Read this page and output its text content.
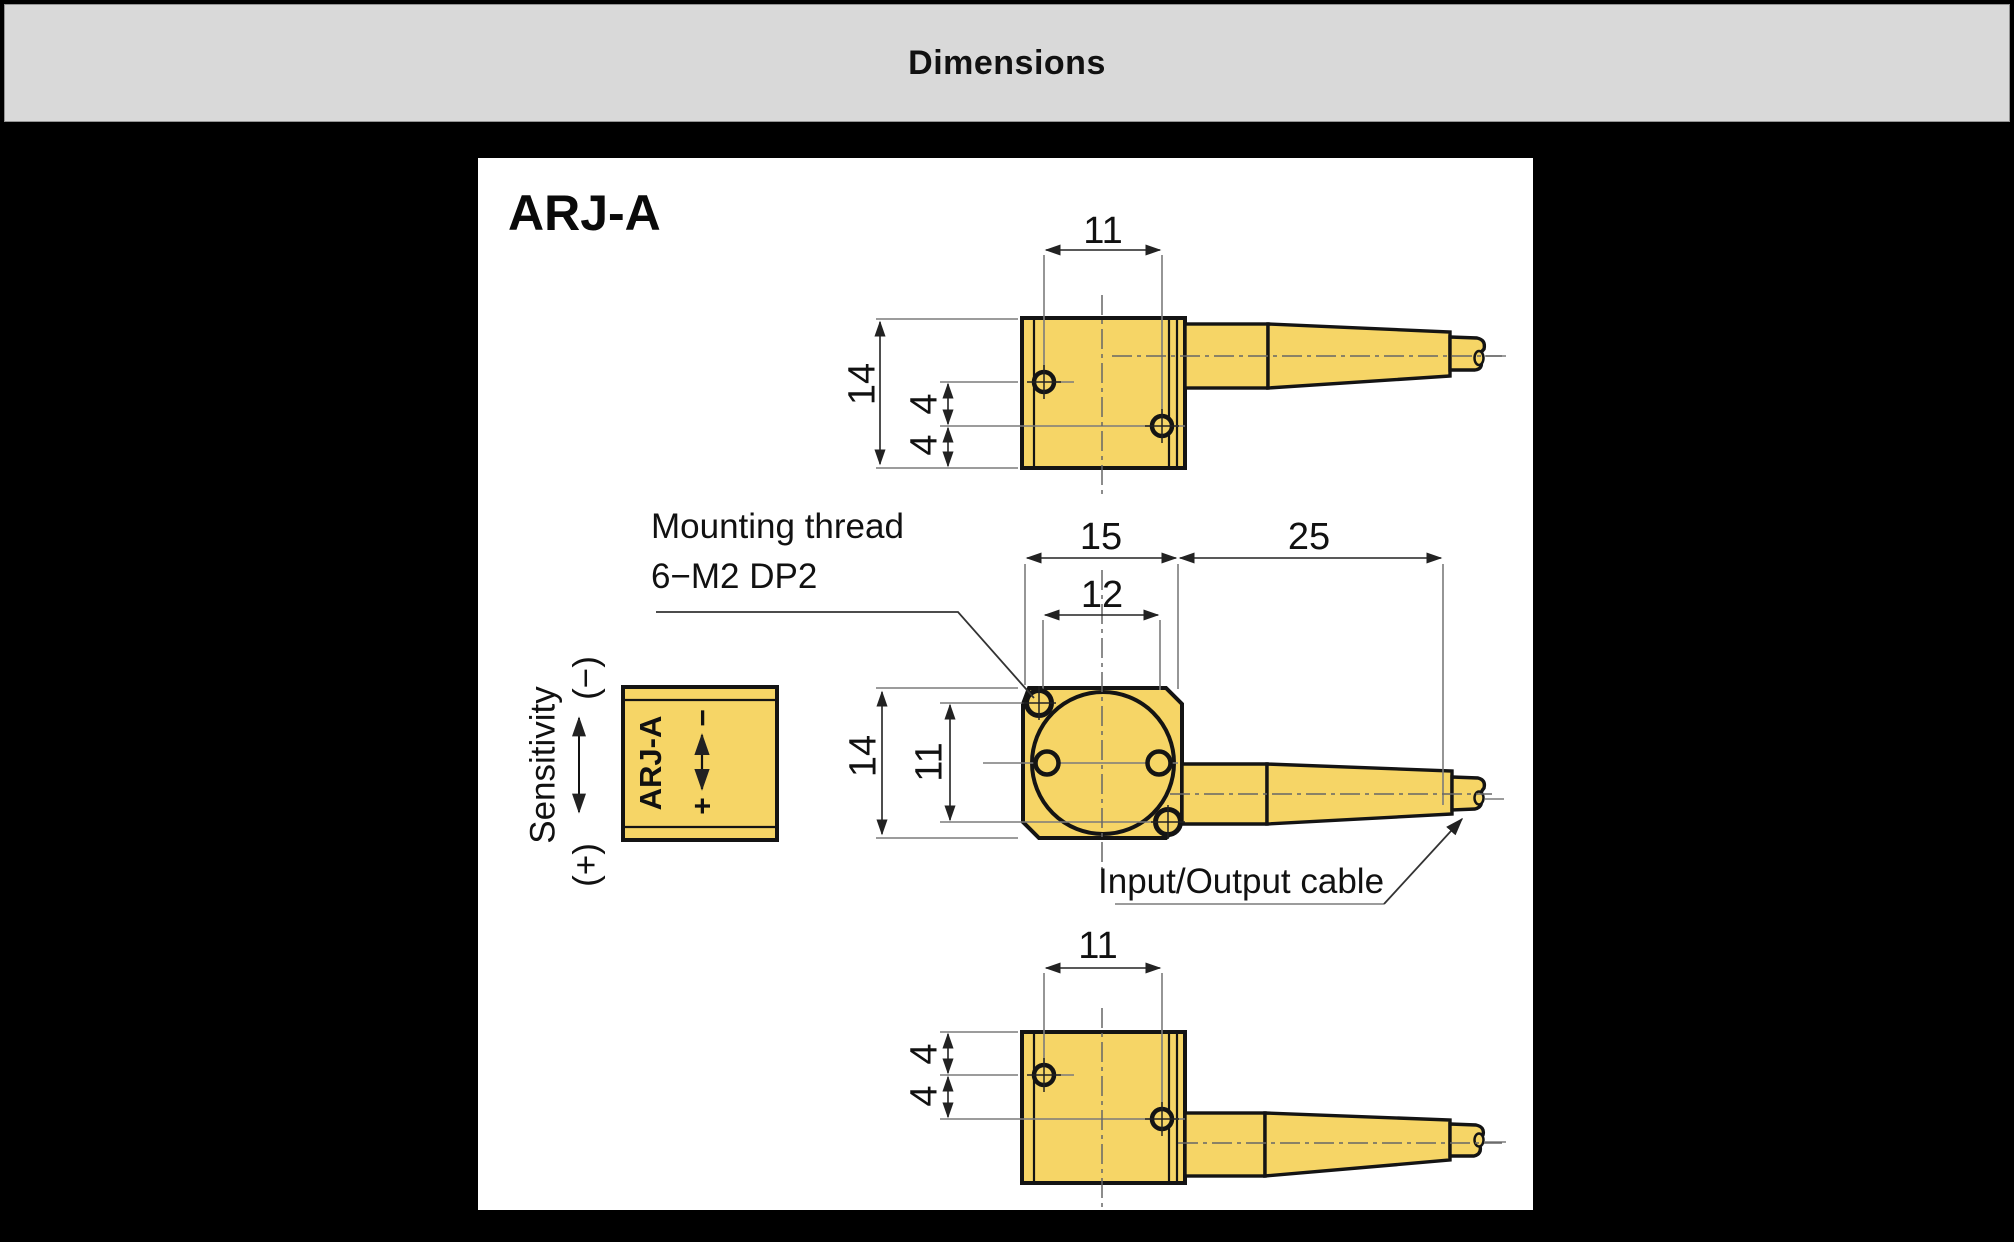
Dimensions
ARJ-A
14 4
4
11
15	25
12
14 11
Mounting thread
6−M2 DP2
Input/Output cable
11
4
4
ARJ-A −
+
Sensitivity
(−)
(+)
